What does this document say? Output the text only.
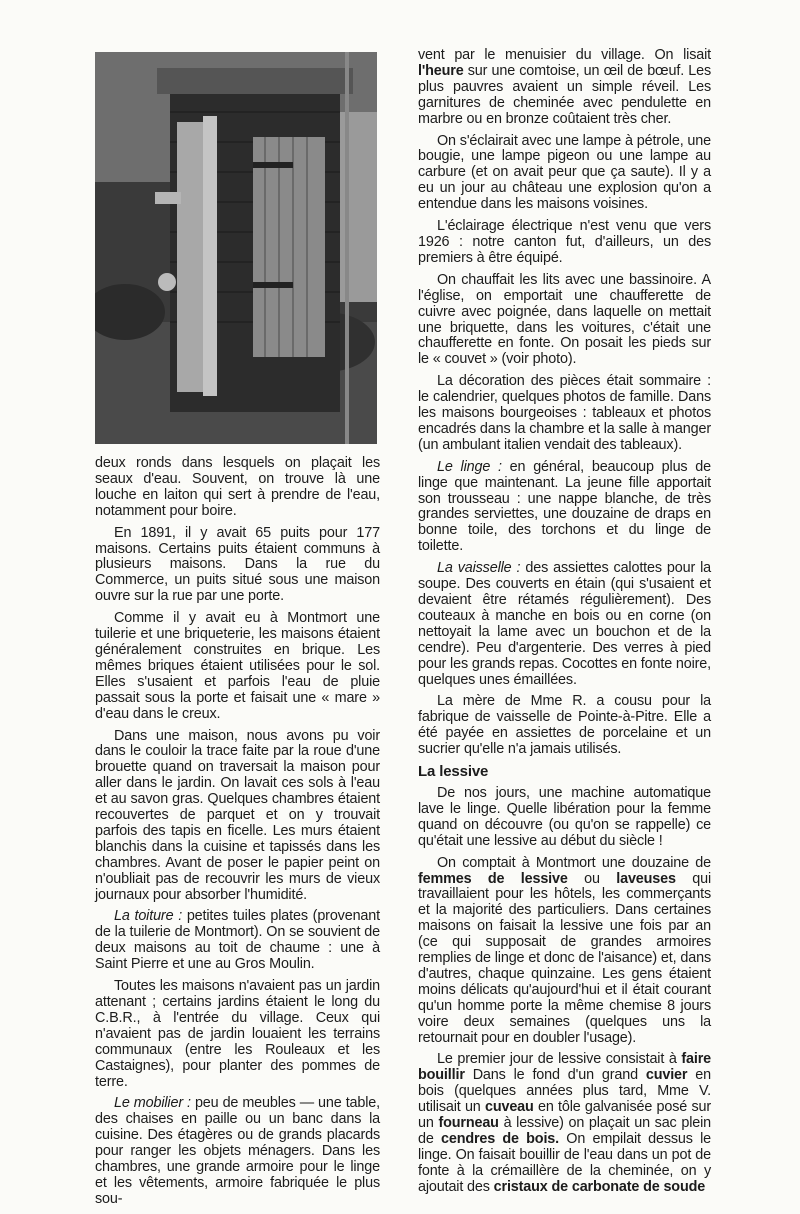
deux ronds dans lesquels on plaçait les seaux d'eau. Souvent, on trouve là une louche en laiton qui sert à prendre de l'eau, notamment pour boire.

En 1891, il y avait 65 puits pour 177 maisons. Certains puits étaient communs à plusieurs maisons. Dans la rue du Commerce, un puits situé sous une maison ouvre sur la rue par une porte.

Comme il y avait eu à Montmort une tuilerie et une briqueterie, les maisons étaient généralement construites en brique. Les mêmes briques étaient utilisées pour le sol. Elles s'usaient et parfois l'eau de pluie passait sous la porte et faisait une « mare » d'eau dans le creux.

Dans une maison, nous avons pu voir dans le couloir la trace faite par la roue d'une brouette quand on traversait la maison pour aller dans le jardin. On lavait ces sols à l'eau et au savon gras. Quelques chambres étaient recouvertes de parquet et on y trouvait parfois des tapis en ficelle. Les murs étaient blanchis dans la cuisine et tapissés dans les chambres. Avant de poser le papier peint on n'oubliait pas de recouvrir les murs de vieux journaux pour absorber l'humidité.

La toiture : petites tuiles plates (provenant de la tuilerie de Montmort). On se souvient de deux maisons au toit de chaume : une à Saint Pierre et une au Gros Moulin.

Toutes les maisons n'avaient pas un jardin attenant ; certains jardins étaient le long du C.B.R., à l'entrée du village. Ceux qui n'avaient pas de jardin louaient les terrains communaux (entre les Rouleaux et les Castaignes), pour planter des pommes de terre.

Le mobilier : peu de meubles — une table, des chaises en paille ou un banc dans la cuisine. Des étagères ou de grands placards pour ranger les objets ménagers. Dans les chambres, une grande armoire pour le linge et les vêtements, armoire fabriquée le plus sou-

vent par le menuisier du village. On lisait l'heure sur une comtoise, un œil de bœuf. Les plus pauvres avaient un simple réveil. Les garnitures de cheminée avec pendulette en marbre ou en bronze coûtaient très cher.

On s'éclairait avec une lampe à pétrole, une bougie, une lampe pigeon ou une lampe au carbure (et on avait peur que ça saute). Il y a eu un jour au château une explosion qu'on a entendue dans les maisons voisines.

L'éclairage électrique n'est venu que vers 1926 : notre canton fut, d'ailleurs, un des premiers à être équipé.

On chauffait les lits avec une bassinoire. A l'église, on emportait une chaufferette de cuivre avec poignée, dans laquelle on mettait une briquette, dans les voitures, c'était une chaufferette en fonte. On posait les pieds sur le « couvet » (voir photo).

La décoration des pièces était sommaire : le calendrier, quelques photos de famille. Dans les maisons bourgeoises : tableaux et photos encadrés dans la chambre et la salle à manger (un ambulant italien vendait des tableaux).

Le linge : en général, beaucoup plus de linge que maintenant. La jeune fille apportait son trousseau : une nappe blanche, de très grandes serviettes, une douzaine de draps en bonne toile, des torchons et du linge de toilette.

La vaisselle : des assiettes calottes pour la soupe. Des couverts en étain (qui s'usaient et devaient être rétamés régulièrement). Des couteaux à manche en bois ou en corne (on nettoyait la lame avec un bouchon et de la cendre). Peu d'argenterie. Des verres à pied pour les grands repas. Cocottes en fonte noire, quelques unes émaillées.

La mère de Mme R. a cousu pour la fabrique de vaisselle de Pointe-à-Pitre. Elle a été payée en assiettes de porcelaine et un sucrier qu'elle n'a jamais utilisés.

La lessive

De nos jours, une machine automatique lave le linge. Quelle libération pour la femme quand on découvre (ou qu'on se rappelle) ce qu'était une lessive au début du siècle !

On comptait à Montmort une douzaine de femmes de lessive ou laveuses qui travaillaient pour les hôtels, les commerçants et la majorité des particuliers. Dans certaines maisons on faisait la lessive une fois par an (ce qui supposait de grandes armoires remplies de linge et donc de l'aisance) et, dans d'autres, chaque quinzaine. Les gens étaient moins délicats qu'aujourd'hui et il était courant qu'un homme porte la même chemise 8 jours voire deux semaines (quelques uns la retournait pour en doubler l'usage).

Le premier jour de lessive consistait à faire bouillir Dans le fond d'un grand cuvier en bois (quelques années plus tard, Mme V. utilisait un cuveau en tôle galvanisée posé sur un fourneau à lessive) on plaçait un sac plein de cendres de bois. On empilait dessus le linge. On faisait bouillir de l'eau dans un pot de fonte à la crémaillère de la cheminée, on y ajoutait des cristaux de carbonate de soude
